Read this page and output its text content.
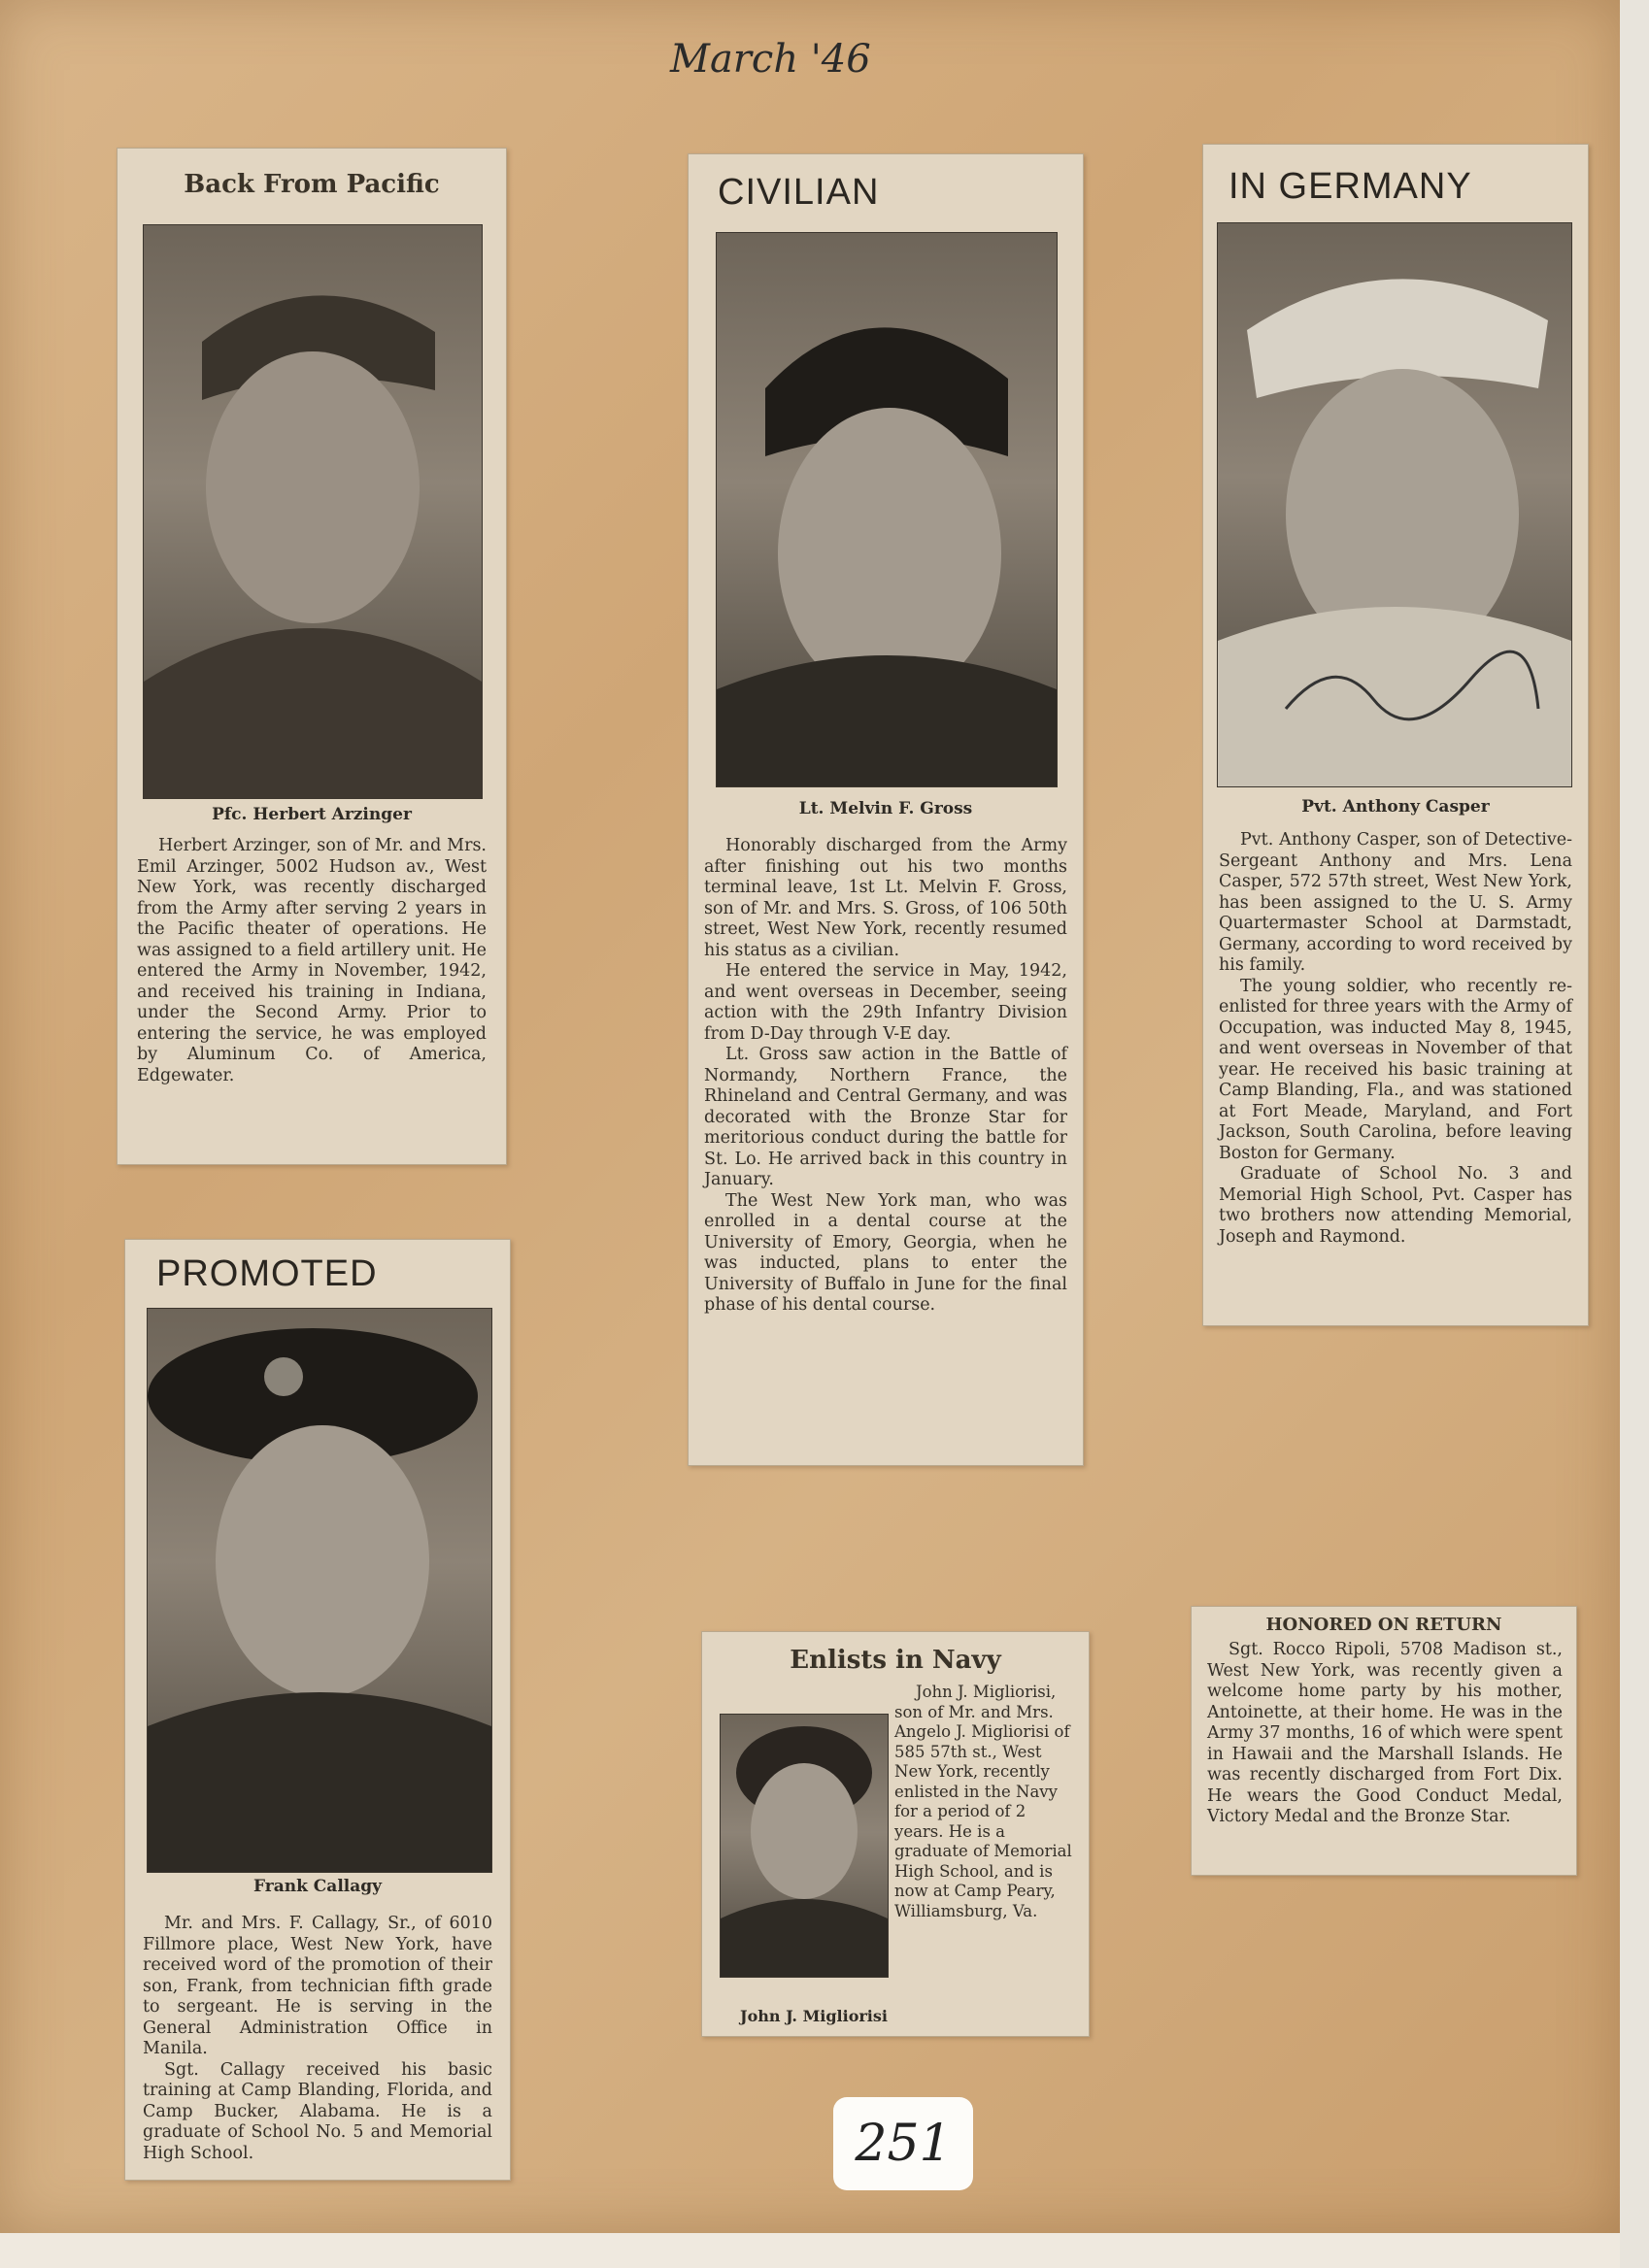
March '46
Back From Pacific
Pfc. Herbert Arzinger

Herbert Arzinger, son of Mr. and Mrs. Emil Arzinger, 5002 Hudson av., West New York, was recently discharged from the Army after serving 2 years in the Pacific theater of operations. He was assigned to a field artillery unit. He entered the Army in November, 1942, and received his training in Indiana, under the Second Army. Prior to entering the service, he was employed by Aluminum Co. of America, Edgewater.

CIVILIAN
Lt. Melvin F. Gross

Honorably discharged from the Army after finishing out his two months terminal leave, 1st Lt. Melvin F. Gross, son of Mr. and Mrs. S. Gross, of 106 50th street, West New York, recently resumed his status as a civilian.

He entered the service in May, 1942, and went overseas in December, seeing action with the 29th Infantry Division from D-Day through V-E day.

Lt. Gross saw action in the Battle of Normandy, Northern France, the Rhineland and Central Germany, and was decorated with the Bronze Star for meritorious conduct during the battle for St. Lo. He arrived back in this country in January.

The West New York man, who was enrolled in a dental course at the University of Emory, Georgia, when he was inducted, plans to enter the University of Buffalo in June for the final phase of his dental course.

IN GERMANY
Pvt. Anthony Casper

Pvt. Anthony Casper, son of Detective-Sergeant Anthony and Mrs. Lena Casper, 572 57th street, West New York, has been assigned to the U. S. Army Quartermaster School at Darmstadt, Germany, according to word received by his family.

The young soldier, who recently re-enlisted for three years with the Army of Occupation, was inducted May 8, 1945, and went overseas in November of that year. He received his basic training at Camp Blanding, Fla., and was stationed at Fort Meade, Maryland, and Fort Jackson, South Carolina, before leaving Boston for Germany.

Graduate of School No. 3 and Memorial High School, Pvt. Casper has two brothers now attending Memorial, Joseph and Raymond.

PROMOTED
Frank Callagy

Mr. and Mrs. F. Callagy, Sr., of 6010 Fillmore place, West New York, have received word of the promotion of their son, Frank, from technician fifth grade to sergeant. He is serving in the General Administration Office in Manila.

Sgt. Callagy received his basic training at Camp Blanding, Florida, and Camp Bucker, Alabama. He is a graduate of School No. 5 and Memorial High School.

Enlists in Navy

John J. Migliorisi, son of Mr. and Mrs. Angelo J. Migliorisi of 585 57th st., West New York, recently enlisted in the Navy for a period of 2 years. He is a graduate of Memorial High School, and is now at Camp Peary, Williamsburg, Va.

John J. Migliorisi
HONORED ON RETURN

Sgt. Rocco Ripoli, 5708 Madison st., West New York, was recently given a welcome home party by his mother, Antoinette, at their home. He was in the Army 37 months, 16 of which were spent in Hawaii and the Marshall Islands. He was recently discharged from Fort Dix. He wears the Good Conduct Medal, Victory Medal and the Bronze Star.

251
